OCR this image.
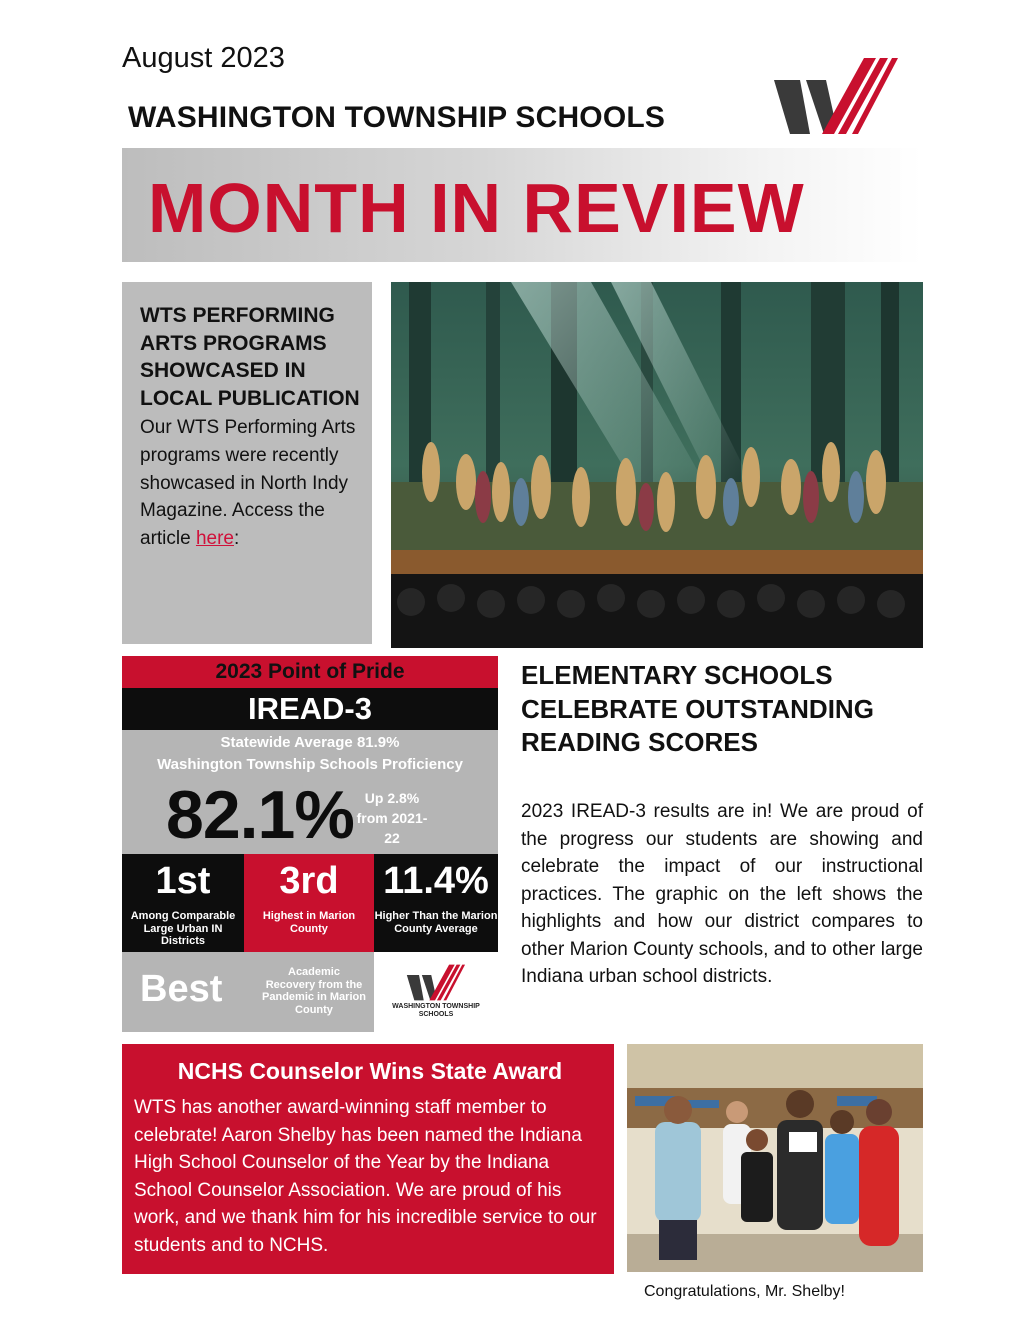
August 2023
WASHINGTON TOWNSHIP SCHOOLS
MONTH IN REVIEW
WTS PERFORMING ARTS PROGRAMS SHOWCASED IN LOCAL PUBLICATION
Our WTS Performing Arts programs were recently showcased in North Indy Magazine. Access the article here:
2023 Point of Pride
IREAD-3
Statewide Average 81.9%
Washington Township Schools Proficiency
82.1% Up 2.8% from 2021-22
1st
Among Comparable Large Urban IN Districts
3rd
Highest in Marion County
11.4%
Higher Than the Marion County Average
Best	Academic Recovery from the Pandemic in Marion County	WASHINGTON TOWNSHIP SCHOOLS
ELEMENTARY SCHOOLS CELEBRATE OUTSTANDING READING SCORES
2023 IREAD-3 results are in! We are proud of the progress our students are showing and celebrate the impact of our instructional practices. The graphic on the left shows the highlights and how our district compares to other Marion County schools, and to other large Indiana urban school districts.
NCHS Counselor Wins State Award
WTS has another award-winning staff member to celebrate! Aaron Shelby has been named the Indiana High School Counselor of the Year by the Indiana School Counselor Association. We are proud of his work, and we thank him for his incredible service to our students and to NCHS.
Congratulations, Mr. Shelby!
